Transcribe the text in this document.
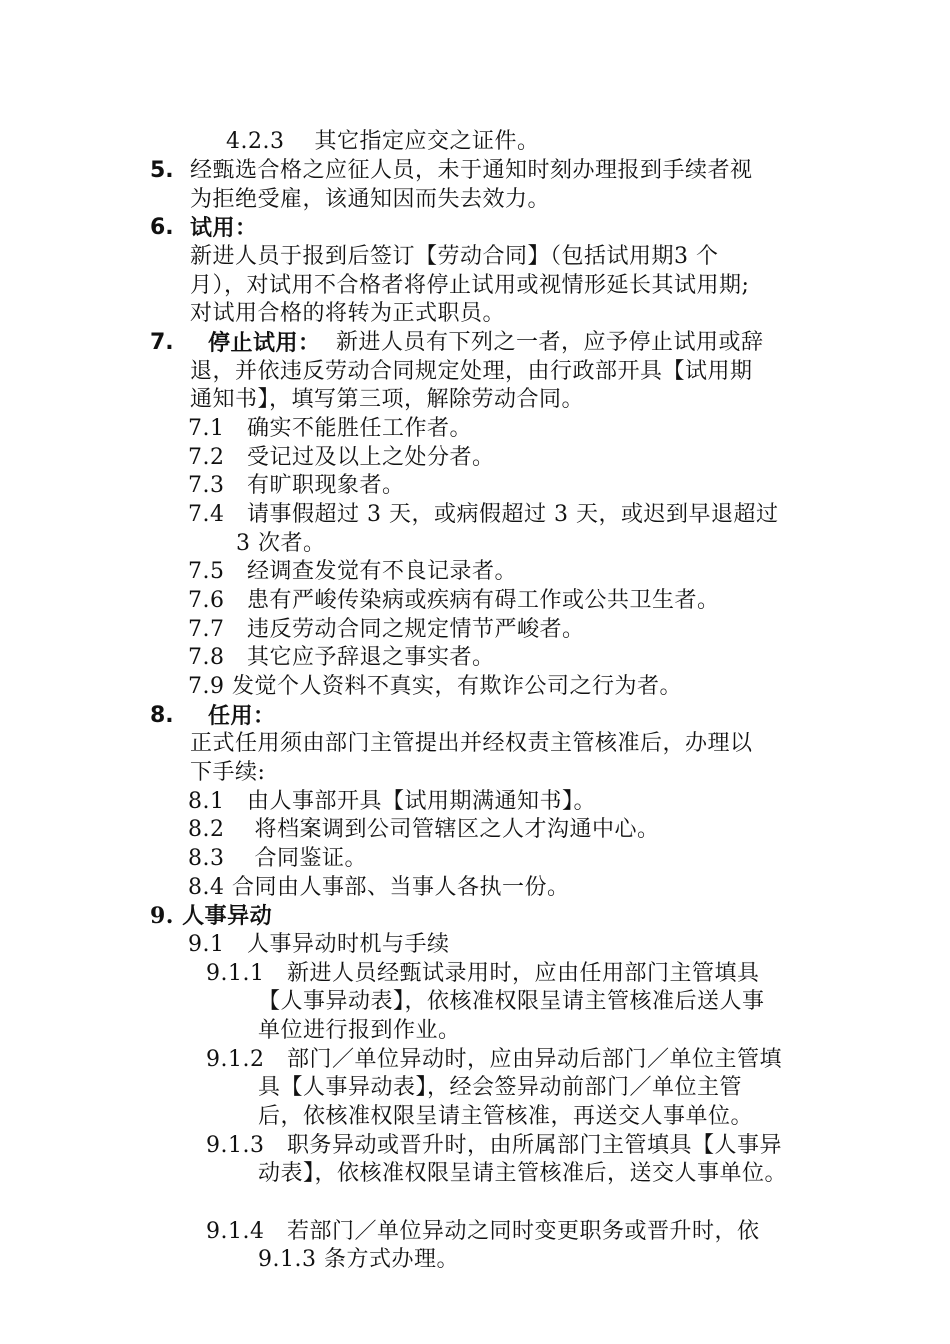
4.2.3　 其它指定应交之证件。
5. 经甄选合格之应征人员，未于通知时刻办理报到手续者视
为拒绝受雇，该通知因而失去效力。
6. 试用：
新进人员于报到后签订【劳动合同】（包括试用期3 个
月），对试用不合格者将停止试用或视情形延长其试用期;
对试用合格的将转为正式职员。
7. 停止试用： 新进人员有下列之一者，应予停止试用或辞
退，并依违反劳动合同规定处理，由行政部开具【试用期
通知书】，填写第三项，解除劳动合同。
7.1　确实不能胜任工作者。
7.2　受记过及以上之处分者。
7.3　有旷职现象者。
7.4　请事假超过 3 天，或病假超过 3 天，或迟到早退超过
3 次者。
7.5　经调查发觉有不良记录者。
7.6　患有严峻传染病或疾病有碍工作或公共卫生者。
7.7　违反劳动合同之规定情节严峻者。
7.8　其它应予辞退之事实者。
7.9 发觉个人资料不真实，有欺诈公司之行为者。
8. 任用：
正式任用须由部门主管提出并经权责主管核准后，办理以
下手续:
8.1　由人事部开具【试用期满通知书】。
8.2　 将档案调到公司管辖区之人才沟通中心。
8.3　 合同鉴证。
8.4 合同由人事部、当事人各执一份。
9. 人事异动
9.1　人事异动时机与手续
9.1.1　新进人员经甄试录用时，应由任用部门主管填具
【人事异动表】，依核准权限呈请主管核准后送人事
单位进行报到作业。
9.1.2　部门／单位异动时，应由异动后部门／单位主管填
具【人事异动表】，经会签异动前部门／单位主管
后，依核准权限呈请主管核准，再送交人事单位。
9.1.3　职务异动或晋升时，由所属部门主管填具【人事异
动表】，依核准权限呈请主管核准后，送交人事单位。
9.1.4　若部门／单位异动之同时变更职务或晋升时，依
9.1.3 条方式办理。
